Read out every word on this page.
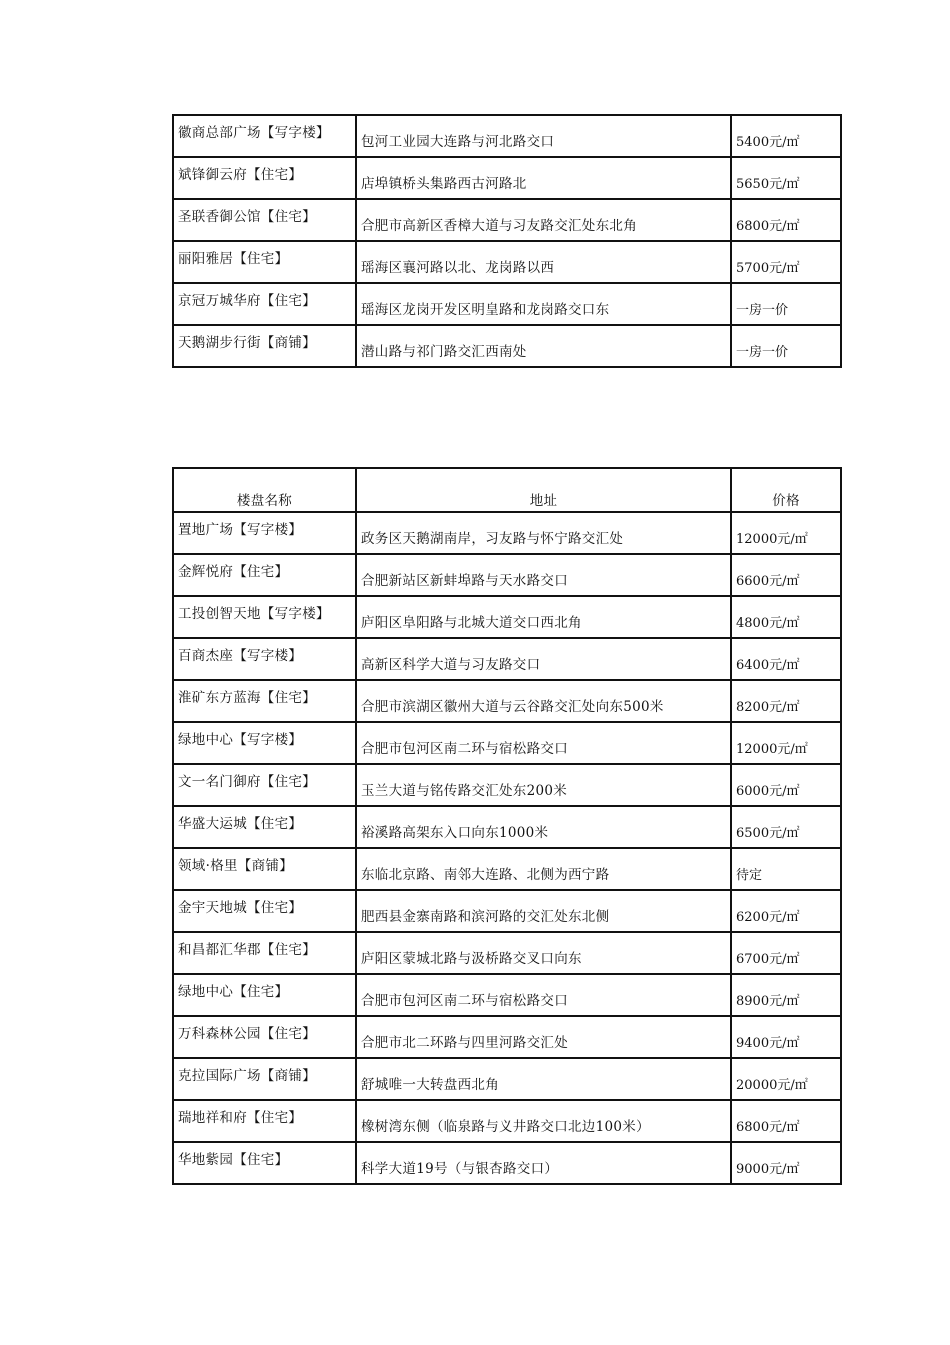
徽商总部广场【写字楼】	包河工业园大连路与河北路交口	5400元/㎡

斌锋御云府【住宅】	店埠镇桥头集路西古河路北	5650元/㎡

圣联香御公馆【住宅】	合肥市高新区香樟大道与习友路交汇处东北角	6800元/㎡

丽阳雅居【住宅】	瑶海区襄河路以北、龙岗路以西	5700元/㎡

京冠万城华府【住宅】	瑶海区龙岗开发区明皇路和龙岗路交口东	一房一价

天鹅湖步行街【商铺】	潜山路与祁门路交汇西南处	一房一价
楼盘名称	地址	价格

置地广场【写字楼】	政务区天鹅湖南岸，习友路与怀宁路交汇处	12000元/㎡

金辉悦府【住宅】	合肥新站区新蚌埠路与天水路交口	6600元/㎡

工投创智天地【写字楼】	庐阳区阜阳路与北城大道交口西北角	4800元/㎡

百商杰座【写字楼】	高新区科学大道与习友路交口	6400元/㎡

淮矿东方蓝海【住宅】	合肥市滨湖区徽州大道与云谷路交汇处向东500米	8200元/㎡

绿地中心【写字楼】	合肥市包河区南二环与宿松路交口	12000元/㎡

文一名门御府【住宅】	玉兰大道与铭传路交汇处东200米	6000元/㎡

华盛大运城【住宅】	裕溪路高架东入口向东1000米	6500元/㎡

领域·格里【商铺】	东临北京路、南邻大连路、北侧为西宁路	待定

金宇天地城【住宅】	肥西县金寨南路和滨河路的交汇处东北侧	6200元/㎡

和昌都汇华郡【住宅】	庐阳区蒙城北路与汲桥路交叉口向东	6700元/㎡

绿地中心【住宅】	合肥市包河区南二环与宿松路交口	8900元/㎡

万科森林公园【住宅】	合肥市北二环路与四里河路交汇处	9400元/㎡

克拉国际广场【商铺】	舒城唯一大转盘西北角	20000元/㎡

瑞地祥和府【住宅】	橡树湾东侧（临泉路与义井路交口北边100米）	6800元/㎡

华地紫园【住宅】	科学大道19号（与银杏路交口）	9000元/㎡
